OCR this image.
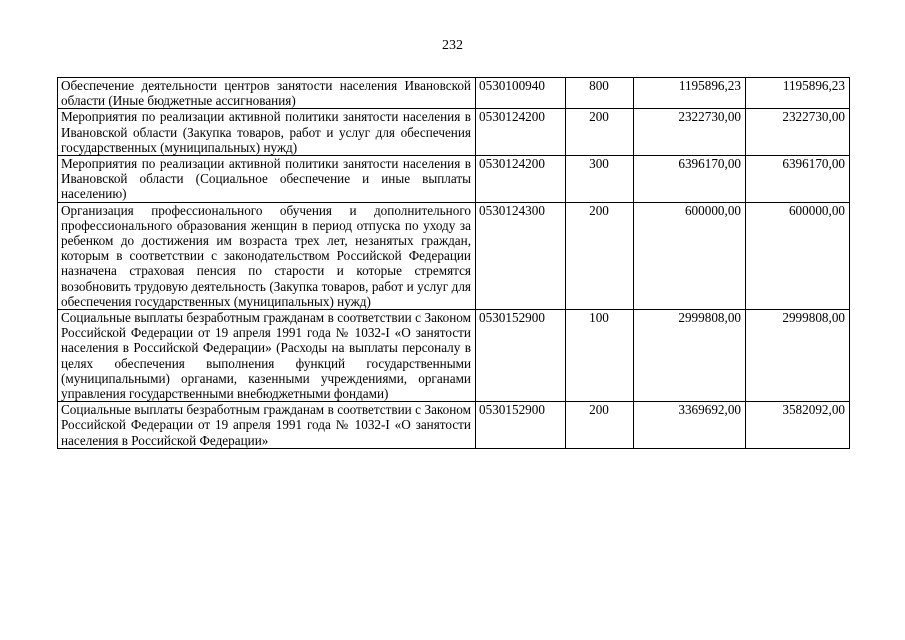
232
Обеспечение деятельности центров занятости населения Ивановской области (Иные бюджетные ассигнования)	0530100940	800	1195896,23	1195896,23
Мероприятия по реализации активной политики занятости населения в Ивановской области (Закупка товаров, работ и услуг для обеспечения государственных (муниципальных) нужд)	0530124200	200	2322730,00	2322730,00
Мероприятия по реализации активной политики занятости населения в Ивановской области (Социальное обеспечение и иные выплаты населению)	0530124200	300	6396170,00	6396170,00
Организация профессионального обучения и дополнительного профессионального образования женщин в период отпуска по уходу за ребенком до достижения им возраста трех лет, незанятых граждан, которым в соответствии с законодательством Российской Федерации назначена страховая пенсия по старости и которые стремятся возобновить трудовую деятельность (Закупка товаров, работ и услуг для обеспечения государственных (муниципальных) нужд)	0530124300	200	600000,00	600000,00
Социальные выплаты безработным гражданам в соответствии с Законом Российской Федерации от 19 апреля 1991 года № 1032-I «О занятости населения в Российской Федерации» (Расходы на выплаты персоналу в целях обеспечения выполнения функций государственными (муниципальными) органами, казенными учреждениями, органами управления государственными внебюджетными фондами)	0530152900	100	2999808,00	2999808,00
Социальные выплаты безработным гражданам в соответствии с Законом Российской Федерации от 19 апреля 1991 года № 1032-I «О занятости населения в Российской Федерации»	0530152900	200	3369692,00	3582092,00
